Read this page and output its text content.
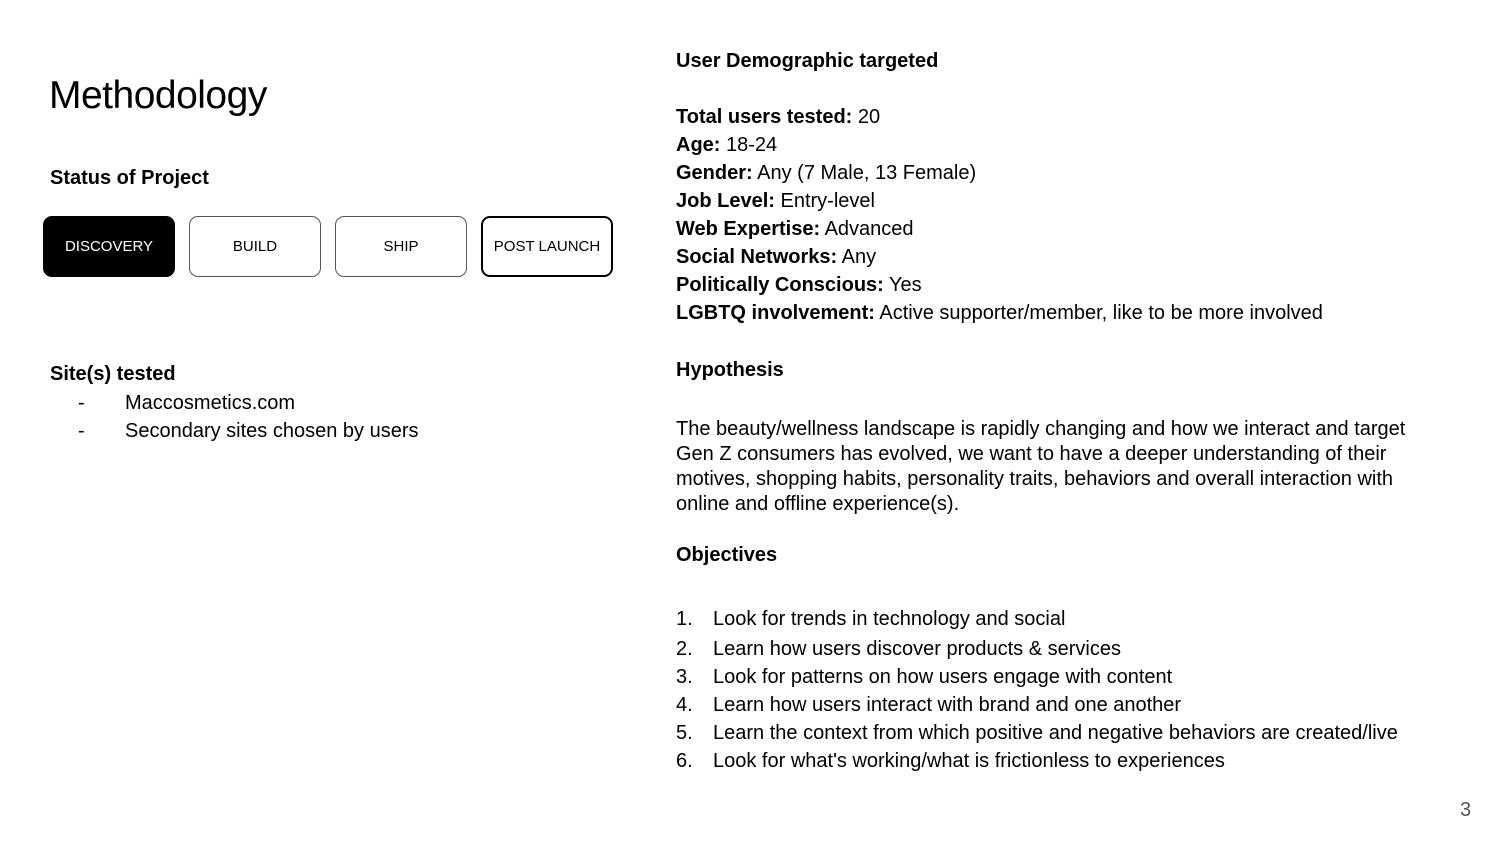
Methodology
Status of Project
DISCOVERY	BUILD	SHIP	POST LAUNCH
Site(s) tested
-	Maccosmetics.com
-	Secondary sites chosen by users
User Demographic targeted
Total users tested: 20
Age: 18-24
Gender: Any (7 Male, 13 Female)
Job Level: Entry-level
Web Expertise: Advanced
Social Networks: Any
Politically Conscious: Yes
LGBTQ involvement: Active supporter/member, like to be more involved
Hypothesis

The beauty/wellness landscape is rapidly changing and how we interact and target Gen Z consumers has evolved, we want to have a deeper understanding of their motives, shopping habits, personality traits, behaviors and overall interaction with online and offline experience(s).

Objectives
1.	Look for trends in technology and social
2.	Learn how users discover products & services
3.	Look for patterns on how users engage with content
4.	Learn how users interact with brand and one another
5.	Learn the context from which positive and negative behaviors are created/live
6.	Look for what's working/what is frictionless to experiences
3
